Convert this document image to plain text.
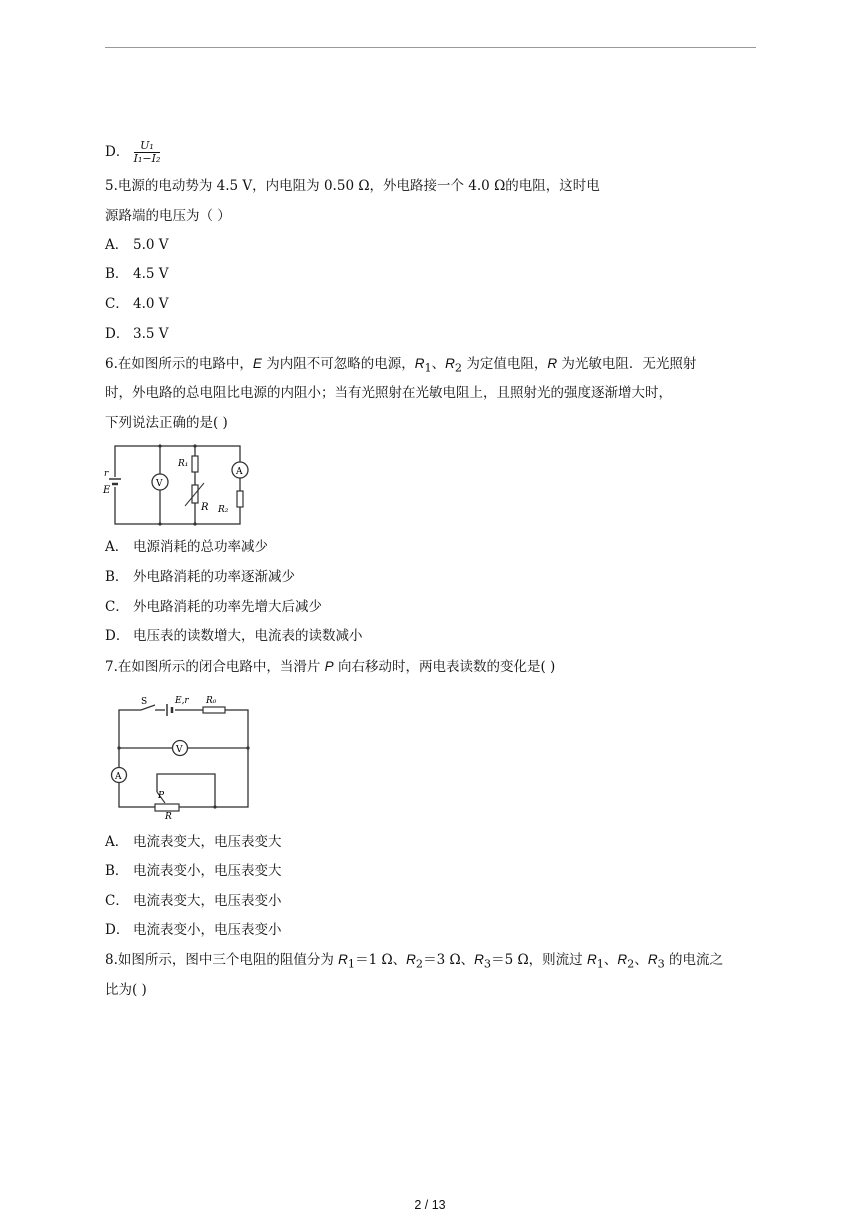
D． $\frac{\text{U₁}}{\text{I₁−I₂}}$
5.电源的电动势为 4.5 V，内电阻为 0.50 Ω，外电路接一个 4.0 Ω的电阻，这时电
源路端的电压为（ ）
A． 5.0 V
B． 4.5 V
C． 4.0 V
D． 3.5 V
6.在如图所示的电路中，E 为内阻不可忽略的电源，$R_1$、$R_2$ 为定值电阻，R 为光敏电阻．无光照射
时，外电路的总电阻比电源的内阻小；当有光照射在光敏电阻上，且照射光的强度逐渐增大时，
下列说法正确的是( )
r
E
V
R₁
R
A
R₂
A． 电源消耗的总功率减少
B． 外电路消耗的功率逐渐减少
C． 外电路消耗的功率先增大后减少
D． 电压表的读数增大，电流表的读数减小
7.在如图所示的闭合电路中，当滑片 P 向右移动时，两电表读数的变化是( )
S	E,r R₀
V
A
P
R
A． 电流表变大，电压表变大
B． 电流表变小，电压表变大
C． 电流表变大，电压表变小
D． 电流表变小，电压表变小
8.如图所示，图中三个电阻的阻值分为 $R_1=1$ Ω、$R_2=3$ Ω、$R_3=5$ Ω，则流过 $R_1$、$R_2$、$R_3$ 的电流之
比为( )
2 / 13
